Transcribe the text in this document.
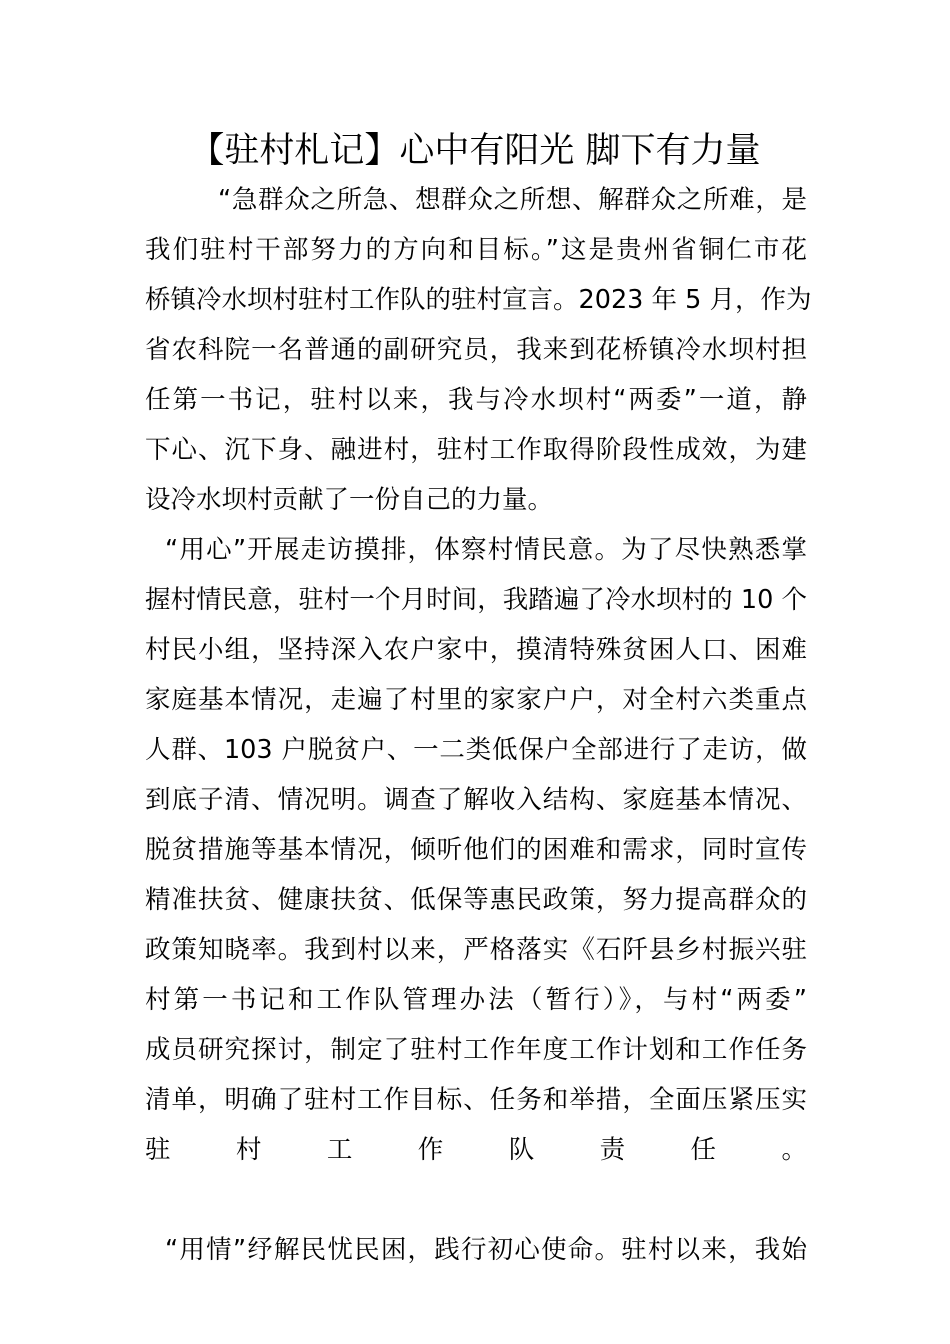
【驻村札记】心中有阳光 脚下有力量
“急群众之所急、想群众之所想、解群众之所难，是
我们驻村干部努力的方向和目标。”这是贵州省铜仁市花
桥镇冷水坝村驻村工作队的驻村宣言。2023 年 5 月，作为
省农科院一名普通的副研究员，我来到花桥镇冷水坝村担
任第一书记，驻村以来，我与冷水坝村“两委”一道，静
下心、沉下身、融进村，驻村工作取得阶段性成效，为建
设冷水坝村贡献了一份自己的力量。
“用心”开展走访摸排，体察村情民意。为了尽快熟悉掌
握村情民意，驻村一个月时间，我踏遍了冷水坝村的 10 个
村民小组，坚持深入农户家中，摸清特殊贫困人口、困难
家庭基本情况，走遍了村里的家家户户，对全村六类重点
人群、103 户脱贫户、一二类低保户全部进行了走访，做
到底子清、情况明。调查了解收入结构、家庭基本情况、
脱贫措施等基本情况，倾听他们的困难和需求，同时宣传
精准扶贫、健康扶贫、低保等惠民政策，努力提高群众的
政策知晓率。我到村以来，严格落实《石阡县乡村振兴驻
村第一书记和工作队管理办法（暂行）》，与村“两委”
成员研究探讨，制定了驻村工作年度工作计划和工作任务
清单，明确了驻村工作目标、任务和举措，全面压紧压实
驻村工作队责任。
“用情”纾解民忧民困，践行初心使命。驻村以来，我始
